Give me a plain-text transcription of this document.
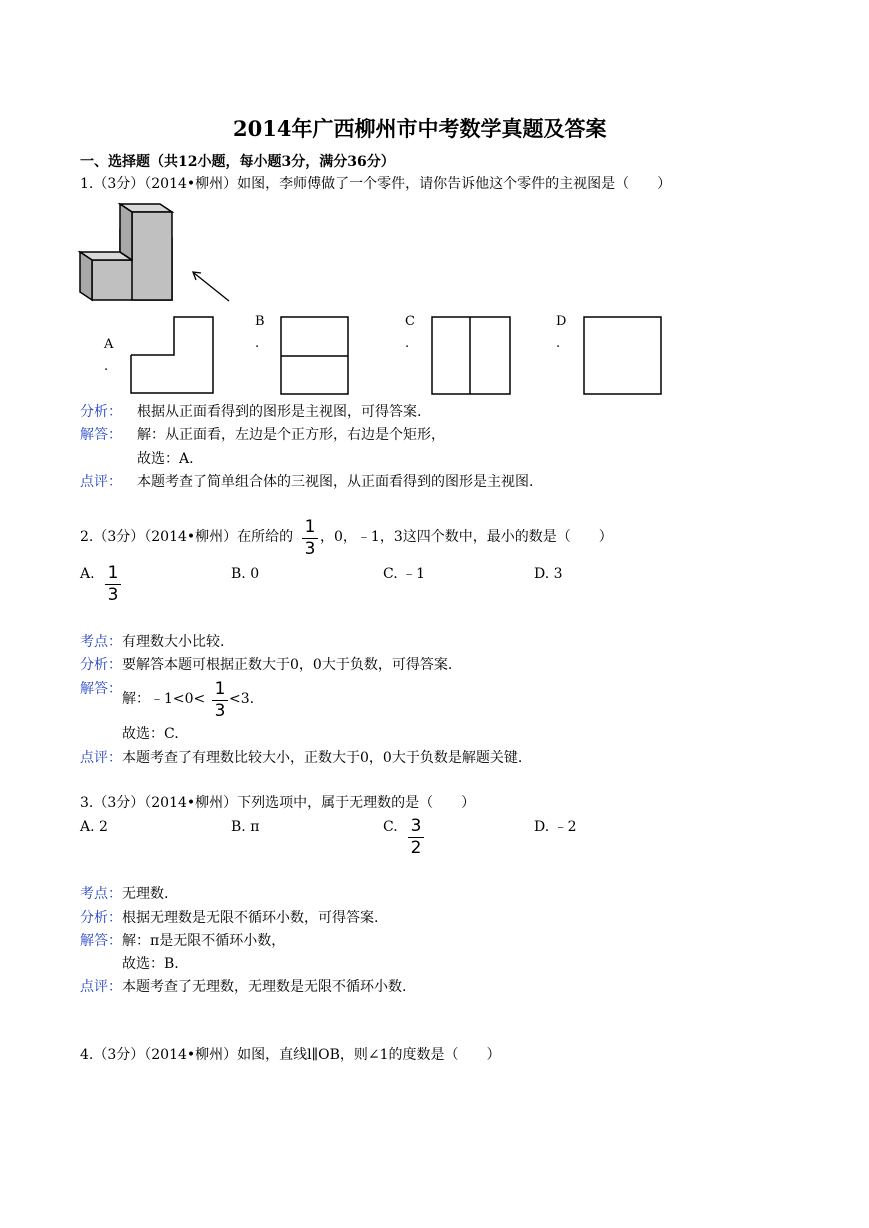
2014年广西柳州市中考数学真题及答案
一、选择题（共12小题，每小题3分，满分36分）
1.（3分）（2014•柳州）如图，李师傅做了一个零件，请你告诉他这个零件的主视图是（　　）
A
.
B
.
C
.
D
.
分析： 根据从正面看得到的图形是主视图，可得答案.
解答： 解：从正面看，左边是个正方形，右边是个矩形，
故选：A.
点评： 本题考查了简单组合体的三视图，从正面看得到的图形是主视图.
2.（3分）（2014•柳州）在所给的 1
3
，0，﹣1，3这四个数中，最小的数是（　　）
A. 1
3
B. 0	C. ﹣1	D. 3
考点： 有理数大小比较.
分析： 要解答本题可根据正数大于0，0大于负数，可得答案.
解答：
解：﹣1<0< 1
3
<3.
故选：C.
点评： 本题考查了有理数比较大小，正数大于0，0大于负数是解题关键.
3.（3分）（2014•柳州）下列选项中，属于无理数的是（　　）
A. 2	B. π	C. 3
2
D. ﹣2
考点： 无理数.
分析： 根据无理数是无限不循环小数，可得答案.
解答： 解：π是无限不循环小数，
故选：B.
点评： 本题考查了无理数，无理数是无限不循环小数.
4.（3分）（2014•柳州）如图，直线l∥OB，则∠1的度数是（　　）
